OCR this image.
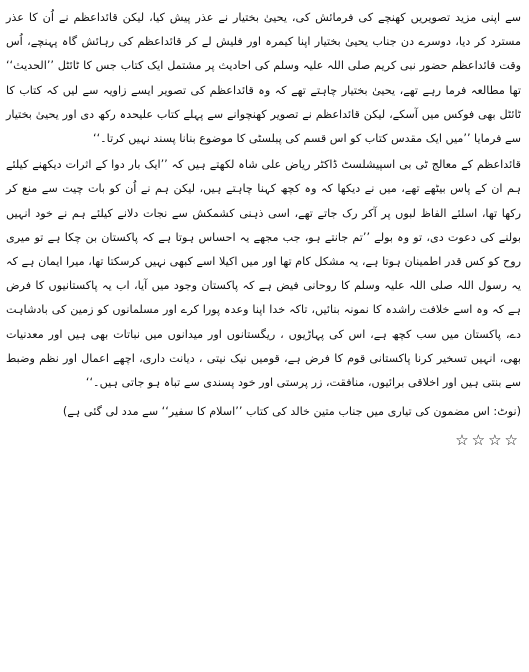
سے اپنی مزید تصویریں کھنچے کی فرمائش کی، یحییٰ بختیار نے عذر پیش کیا، لیکن قائداعظم نے اُن کا عذر مسترد کر دیا، دوسرے دن جناب یحییٰ بختیار اپنا کیمرہ اور فلیش لے کر قائداعظم کی رہائش گاہ پہنچے، اُس وقت قائداعظم حضور نبی کریم صلی اللہ علیہ وسلم کی احادیث پر مشتمل ایک کتاب جس کا ٹائٹل ’’الحدیث‘‘ تھا مطالعہ فرما رہے تھے، یحییٰ بختیار چاہتے تھے کہ وہ قائداعظم کی تصویر ایسے زاویہ سے لیں کہ کتاب کا ٹائٹل بھی فوکس میں آسکے، لیکن قائداعظم نے تصویر کھنچوانے سے پہلے کتاب علیحدہ رکھ دی اور یحییٰ بختیار سے فرمایا ’’میں ایک مقدس کتاب کو اس قسم کی پبلسٹی کا موضوع بنانا پسند نہیں کرتا۔‘‘

قائداعظم کے معالج ٹی بی اسپیشلسٹ ڈاکٹر ریاض علی شاہ لکھتے ہیں کہ ’’ایک بار دوا کے اثرات دیکھنے کیلئے ہم ان کے پاس بیٹھے تھے، میں نے دیکھا کہ وہ کچھ کہنا چاہتے ہیں، لیکن ہم نے اُن کو بات چیت سے منع کر رکھا تھا، اسلئے الفاظ لبوں پر آکر رک جاتے تھے، اسی ذہنی کشمکش سے نجات دلانے کیلئے ہم نے خود انہیں بولنے کی دعوت دی، تو وہ بولے ’’تم جانتے ہو، جب مجھے یہ احساس ہوتا ہے کہ پاکستان بن چکا ہے تو میری روح کو کس قدر اطمینان ہوتا ہے، یہ مشکل کام تھا اور میں اکیلا اسے کبھی نہیں کرسکتا تھا، میرا ایمان ہے کہ یہ رسول اللہ صلی اللہ علیہ وسلم کا روحانی فیض ہے کہ پاکستان وجود میں آیا، اب یہ پاکستانیوں کا فرض ہے کہ وہ اسے خلافت راشدہ کا نمونہ بنائیں، تاکہ خدا اپنا وعدہ پورا کرے اور مسلمانوں کو زمین کی بادشاہت دے، پاکستان میں سب کچھ ہے، اس کی پہاڑیوں ، ریگستانوں اور میدانوں میں نباتات بھی ہیں اور معدنیات بھی، انہیں تسخیر کرنا پاکستانی قوم کا فرض ہے، قومیں نیک نیتی ، دیانت داری، اچھے اعمال اور نظم وضبط سے بنتی ہیں اور اخلاقی برائیوں، منافقت، زر پرستی اور خود پسندی سے تباہ ہو جاتی ہیں۔‘‘

(نوٹ: اس مضمون کی تیاری میں جناب متین خالد کی کتاب ’’اسلام کا سفیر‘‘ سے مدد لی گئی ہے)

☆☆☆☆
